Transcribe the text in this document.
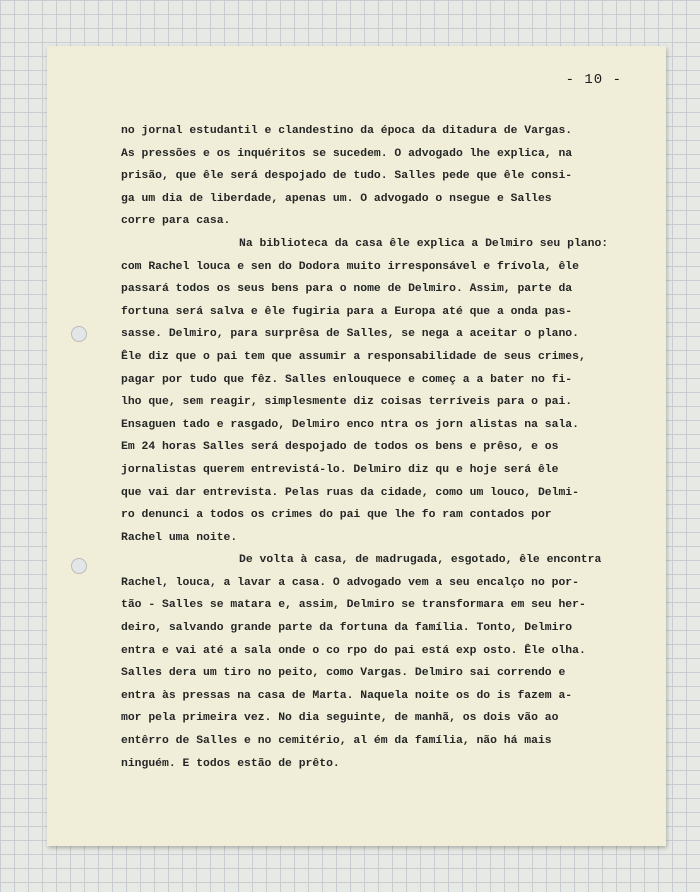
- 10 -
no jornal estudantil e clandestino da época da ditadura de Vargas.
As pressões e os inquéritos se sucedem. O advogado lhe explica, na
prisão, que êle será despojado de tudo. Salles pede que êle consi-
ga um dia de liberdade, apenas um. O advogado o nsegue e Salles
corre para casa.
Na biblioteca da casa êle explica a Delmiro seu plano:
com Rachel louca e sen do Dodora muito irresponsável e frívola, êle
passará todos os seus bens para o nome de Delmiro. Assim, parte da
fortuna será salva e êle fugiria para a Europa até que a onda pas-
sasse. Delmiro, para surprêsa de Salles, se nega a aceitar o plano.
Êle diz que o pai tem que assumir a responsabilidade de seus crimes,
pagar por tudo que fêz. Salles enlouquece e começ a a bater no fi-
lho que, sem reagir, simplesmente diz coisas terríveis para o pai.
Ensaguen tado e rasgado, Delmiro enco ntra os jorn alistas na sala.
Em 24 horas Salles será despojado de todos os bens e prêso, e os
jornalistas querem entrevistá-lo. Delmiro diz qu e hoje será êle
que vai dar entrevista. Pelas ruas da cidade, como um louco, Delmi-
ro denunci a todos os crimes do pai que lhe fo ram contados por
Rachel uma noite.
De volta à casa, de madrugada, esgotado, êle encontra
Rachel, louca, a lavar a casa. O advogado vem a seu encalço no por-
tão - Salles se matara e, assim, Delmiro se transformara em seu her-
deiro, salvando grande parte da fortuna da família. Tonto, Delmiro
entra e vai até a sala onde o co rpo do pai está exp osto. Êle olha.
Salles dera um tiro no peito, como Vargas. Delmiro sai correndo e
entra às pressas na casa de Marta. Naquela noite os do is fazem a-
mor pela primeira vez. No dia seguinte, de manhã, os dois vão ao
entêrro de Salles e no cemitério, al ém da família, não há mais
ninguém. E todos estão de prêto.
